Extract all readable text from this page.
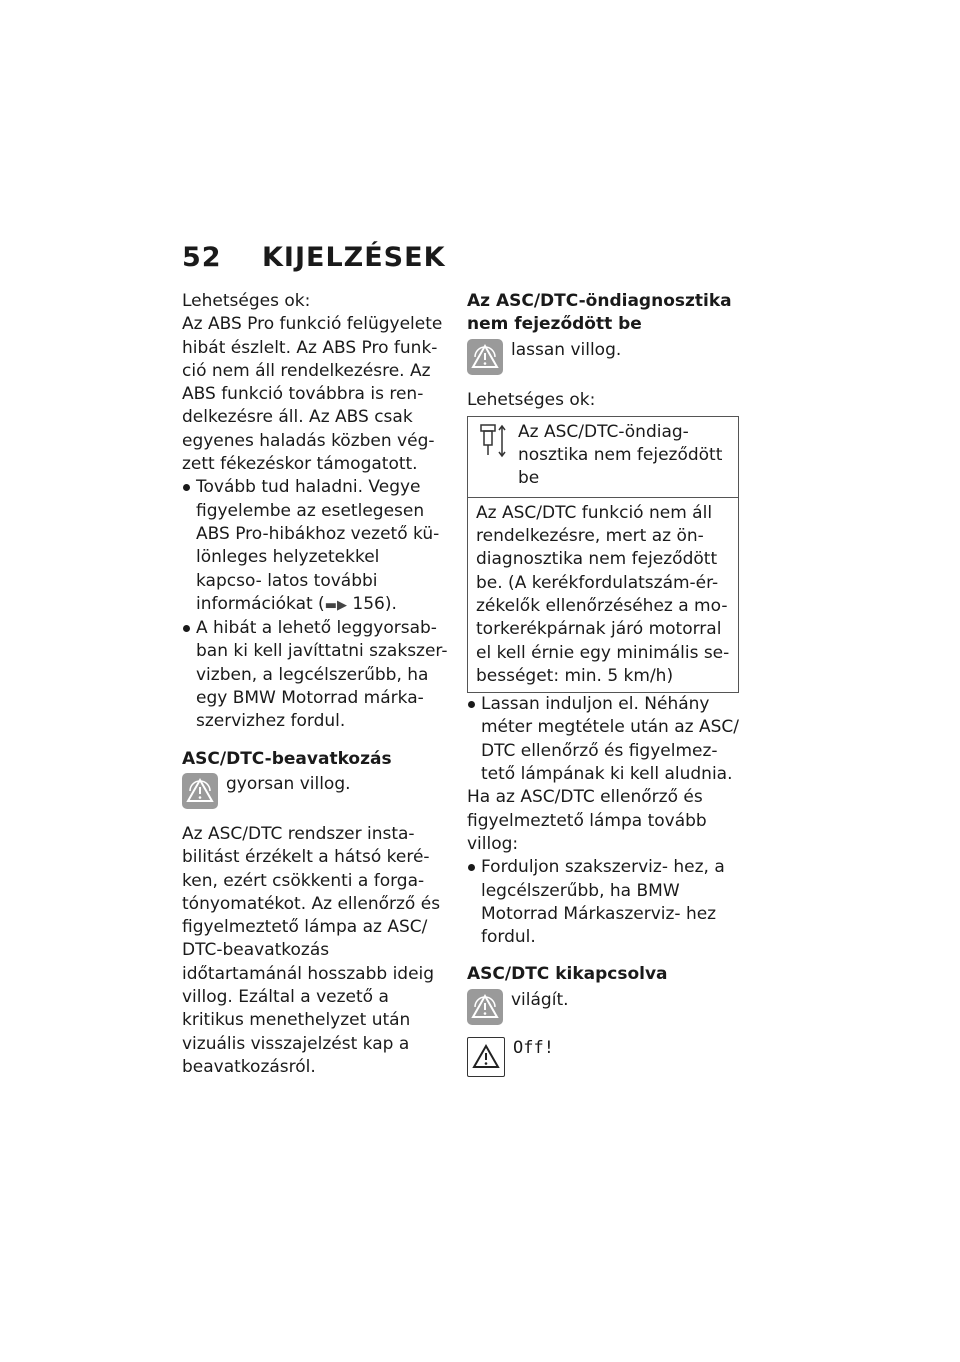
52 KIJELZÉSEK

Lehetséges ok:

Az ABS Pro funkció felügyelete hibát észlelt. Az ABS Pro funk- ció nem áll rendelkezésre. Az ABS funkció továbbra is ren- delkezésre áll. Az ABS csak egyenes haladás közben vég- zett fékezéskor támogatott.

Tovább tud haladni. Vegye figyelembe az esetlegesen ABS Pro-hibákhoz vezető kü- lönleges helyzetekkel kapcso- latos további információkat (▬▶ 156).

A hibát a lehető leggyorsab- ban ki kell javíttatni szakszer- vizben, a legcélszerűbb, ha egy BMW Motorrad márka- szervizhez fordul.

ASC/DTC-beavatkozás

gyorsan villog.

Az ASC/DTC rendszer insta- bilitást érzékelt a hátsó keré- ken, ezért csökkenti a forga- tónyomatékot. Az ellenőrző és figyelmeztető lámpa az ASC/ DTC-beavatkozás időtartamánál hosszabb ideig villog. Ezáltal a vezető a kritikus menethelyzet után vizuális visszajelzést kap a beavatkozásról.

Az ASC/DTC-öndiagnosztika nem fejeződött be

lassan villog.

Lehetséges ok:

Az ASC/DTC-öndiag- nosztika nem fejeződött be
Az ASC/DTC funkció nem áll rendelkezésre, mert az ön- diagnosztika nem fejeződött be. (A kerékfordulatszám-ér- zékelők ellenőrzéséhez a mo- torkerékpárnak járó motorral el kell érnie egy minimális se- bességet: min. 5 km/h)

Lassan induljon el. Néhány méter megtétele után az ASC/ DTC ellenőrző és figyelmez- tető lámpának ki kell aludnia.

Ha az ASC/DTC ellenőrző és figyelmeztető lámpa tovább villog:

Forduljon szakszerviz- hez, a legcélszerűbb, ha BMW Motorrad Márkaszerviz- hez fordul.

ASC/DTC kikapcsolva

világít.
Off!
